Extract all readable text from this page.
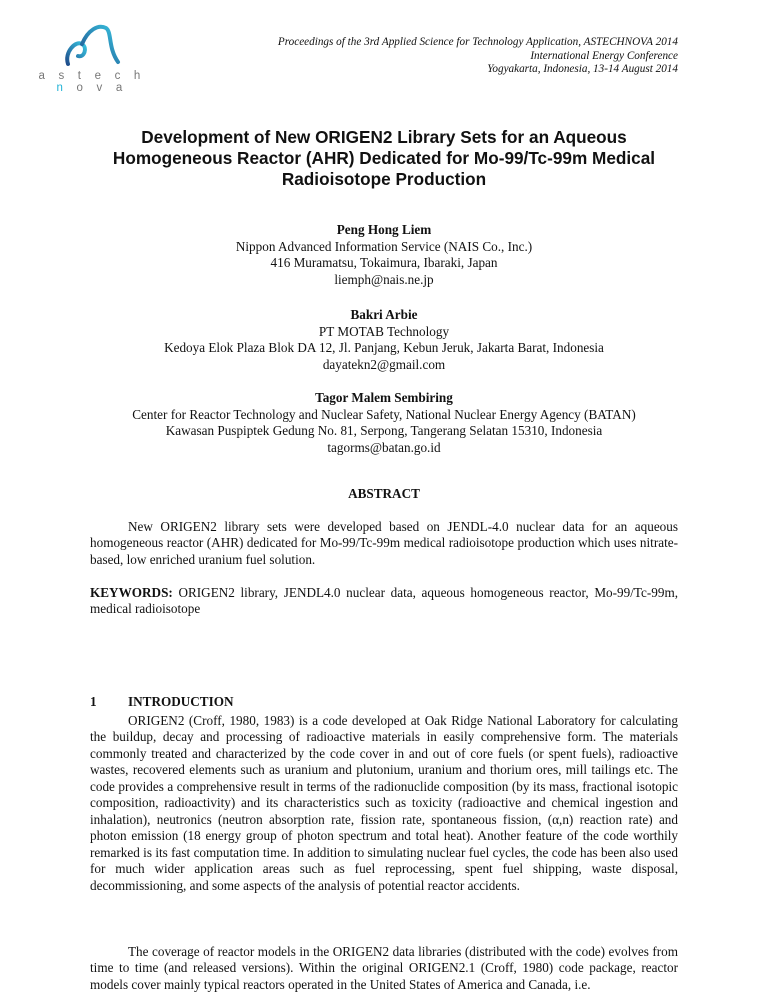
a s t e c h n o v a
Proceedings of the 3rd Applied Science for Technology Application, ASTECHNOVA 2014
International Energy Conference
Yogyakarta, Indonesia, 13-14 August 2014
Development of New ORIGEN2 Library Sets for an Aqueous Homogeneous Reactor (AHR) Dedicated for Mo-99/Tc-99m Medical Radioisotope Production
Peng Hong Liem
Nippon Advanced Information Service (NAIS Co., Inc.)
416 Muramatsu, Tokaimura, Ibaraki, Japan
liemph@nais.ne.jp
Bakri Arbie
PT MOTAB Technology
Kedoya Elok Plaza Blok DA 12, Jl. Panjang, Kebun Jeruk, Jakarta Barat, Indonesia
dayatekn2@gmail.com
Tagor Malem Sembiring
Center for Reactor Technology and Nuclear Safety, National Nuclear Energy Agency (BATAN)
Kawasan Puspiptek Gedung No. 81, Serpong, Tangerang Selatan 15310, Indonesia
tagorms@batan.go.id
ABSTRACT

New ORIGEN2 library sets were developed based on JENDL-4.0 nuclear data for an aqueous homogeneous reactor (AHR) dedicated for Mo-99/Tc-99m medical radioisotope production which uses nitrate-based, low enriched uranium fuel solution.

KEYWORDS: ORIGEN2 library, JENDL4.0 nuclear data, aqueous homogeneous reactor, Mo-99/Tc-99m, medical radioisotope

1 INTRODUCTION

ORIGEN2 (Croff, 1980, 1983) is a code developed at Oak Ridge National Laboratory for calculating the buildup, decay and processing of radioactive materials in easily comprehensive form. The materials commonly treated and characterized by the code cover in and out of core fuels (or spent fuels), radioactive wastes, recovered elements such as uranium and plutonium, uranium and thorium ores, mill tailings etc. The code provides a comprehensive result in terms of the radionuclide composition (by its mass, fractional isotopic composition, radioactivity) and its characteristics such as toxicity (radioactive and chemical ingestion and inhalation), neutronics (neutron absorption rate, fission rate, spontaneous fission, (α,n) reaction rate) and photon emission (18 energy group of photon spectrum and total heat). Another feature of the code worthily remarked is its fast computation time. In addition to simulating nuclear fuel cycles, the code has been also used for much wider application areas such as fuel reprocessing, spent fuel shipping, waste disposal, decommissioning, and some aspects of the analysis of potential reactor accidents.

The coverage of reactor models in the ORIGEN2 data libraries (distributed with the code) evolves from time to time (and released versions). Within the original ORIGEN2.1 (Croff, 1980) code package, reactor models cover mainly typical reactors operated in the United States of America and Canada, i.e.
